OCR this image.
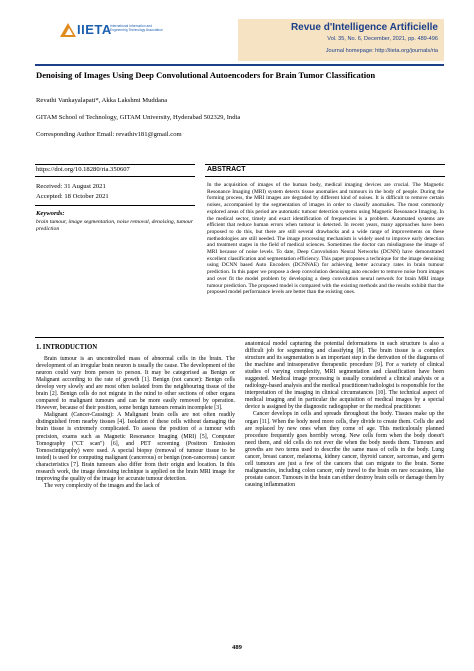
IIETA
International Information and Engineering Technology Association	Revue d'Intelligence Artificielle
Vol. 35, No. 6, December, 2021, pp. 489-496
Journal homepage: http://iieta.org/journals/ria
Denoising of Images Using Deep Convolutional Autoencoders for Brain Tumor Classification
Revathi Vankayalapati*, Akka Lakshmi Muddana
GITAM School of Technology, GITAM University, Hyderabad 502329, India
Corresponding Author Email: revathiv181@gmail.com
https://doi.org/10.18280/ria.350607
Received: 31 August 2021
Accepted: 18 October 2021
Keywords:
brain tumour, image segmentation, noise removal, denoising, tumour prediction
ABSTRACT
In the acquisition of images of the human body, medical imaging devices are crucial. The Magnetic Resonance Imaging (MRI) system detects tissue anomalies and tumours in the body of people. During the forming process, the MRI images are degraded by different kind of noises. It is difficult to remove certain noises, accompanied by the segmentation of images in order to classify anomalies. The most commonly explored areas of this period are automatic tumour detection systems using Magnetic Resonance Imaging. In the medical sector, timely and exact identification of frequencies is a problem. Automated systems are efficient that reduce human errors when tumour is detected. In recent years, many approaches have been proposed to do this, but there are still several drawbacks and a wide range of improvements on these methodologies are still needed. The image processing mechanism is widely used to improve early detection and treatment stages in the field of medical sciences. Sometimes the doctor can misdiagnose the image of MRI because of noise levels. To date, Deep Convolution Neural Networks (DCNN) have demonstrated excellent classification and segmentation efficiency. This paper proposes a technique for the image denoising using DCNN based Auto Encoders (DCNNAE) for achieving better accuracy rates in brain tumour prediction. In this paper we propose a deep convolution denoising auto encoder to remove noise from images and over fit the model problem by developing a deep convolution neural network for brain MRI image tumour prediction. The proposed model is compared with the existing methods and the results exhibit that the proposed model performance levels are better than the existing ones.
1. INTRODUCTION

Brain tumour is an uncontrolled mass of abnormal cells in the brain. The development of an irregular brain neuron is usually the cause. The development of the neuron could vary from person to person. It may be categorised as Benign or Malignant according to the rate of growth [1]. Benign (not cancer): Benign cells develop very slowly and are most often isolated from the neighbouring tissue of the brain [2]. Benign cells do not migrate in the mind to other sections of other organs compared to malignant tumours and can be more easily removed by operation. However, because of their position, some benign tumours remain incomplete [3].

Malignant (Cancer-Causing): A Malignant brain cells are not often readily distinguished from nearby tissues [4]. Isolation of these cells without damaging the brain tissue is extremely complicated. To assess the position of a tumour with precision, exams such as Magnetic Resonance Imaging (MRI) [5], Computer Tomography ("CT scan") [6], and PET screening (Positron Emission Tomoscintigraphy) were used. A special biopsy (removal of tumour tissue to be tested) is used for computing malignant (cancerous) or benign (non-cancerous) cancer characteristics [7]. Brain tumours also differ from their origin and location. In this research work, the image denoising technique is applied on the brain MRI image for improving the quality of the image for accurate tumour detection.

The very complexity of the images and the lack of

anatomical model capturing the potential deformations in each structure is also a difficult job for segmenting and classifying [8]. The brain tissue is a complex structure and its segmentation is an important step in the derivation of the diagrams of the machine and intraoperative therapeutic procedure [9]. For a variety of clinical studies of varying complexity, MRI segmentation and classification have been suggested. Medical image processing is usually considered a clinical analysis or a radiology-based analysis and the medical practitioner/radiologist is responsible for the interpretation of the imaging in clinical circumstances [10]. The technical aspect of medical imaging and in particular the acquisition of medical images by a special device is assigned by the diagnostic radiographer or the medical practitioner.

Cancer develops in cells and spreads throughout the body. Tissues make up the organ [11]. When the body need more cells, they divide to create them. Cells die and are replaced by new ones when they come of age. This meticulously planned procedure frequently goes horribly wrong. New cells form when the body doesn't need them, and old cells do not ever die when the body needs them. Tumours and growths are two terms used to describe the same mass of cells in the body. Lung cancer, breast cancer, melanoma, kidney cancer, thyroid cancer, sarcomas, and germ cell tumours are just a few of the cancers that can migrate to the brain. Some malignancies, including colon cancer, only travel to the brain on rare occasions, like prostate cancer. Tumours in the brain can either destroy brain cells or damage them by causing inflammation

489
